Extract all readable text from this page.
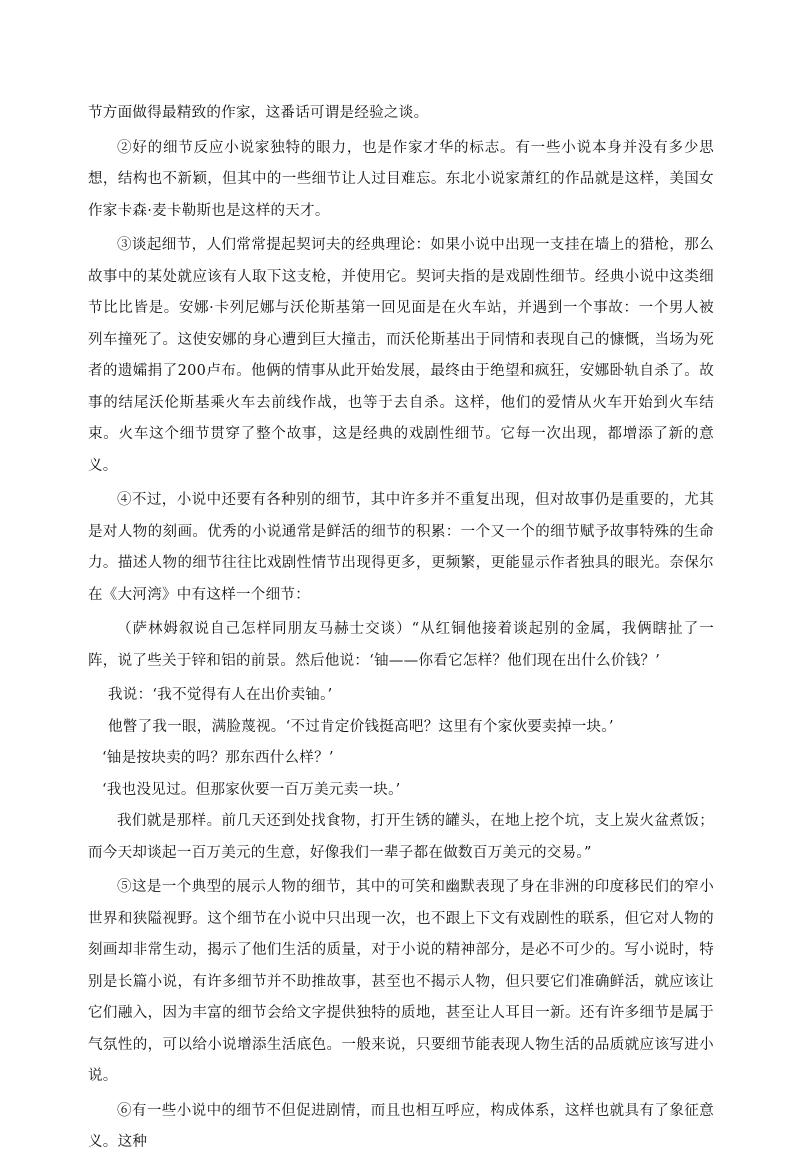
节方面做得最精致的作家，这番话可谓是经验之谈。

②好的细节反应小说家独特的眼力，也是作家才华的标志。有一些小说本身并没有多少思想，结构也不新颖，但其中的一些细节让人过目难忘。东北小说家萧红的作品就是这样，美国女作家卡森·麦卡勒斯也是这样的天才。

③谈起细节，人们常常提起契诃夫的经典理论：如果小说中出现一支挂在墙上的猎枪，那么故事中的某处就应该有人取下这支枪，并使用它。契诃夫指的是戏剧性细节。经典小说中这类细节比比皆是。安娜·卡列尼娜与沃伦斯基第一回见面是在火车站，并遇到一个事故：一个男人被列车撞死了。这使安娜的身心遭到巨大撞击，而沃伦斯基出于同情和表现自己的慷慨，当场为死者的遗孀捐了200卢布。他俩的情事从此开始发展，最终由于绝望和疯狂，安娜卧轨自杀了。故事的结尾沃伦斯基乘火车去前线作战，也等于去自杀。这样，他们的爱情从火车开始到火车结束。火车这个细节贯穿了整个故事，这是经典的戏剧性细节。它每一次出现，都增添了新的意义。

④不过，小说中还要有各种别的细节，其中许多并不重复出现，但对故事仍是重要的，尤其是对人物的刻画。优秀的小说通常是鲜活的细节的积累：一个又一个的细节赋予故事特殊的生命力。描述人物的细节往往比戏剧性情节出现得更多，更频繁，更能显示作者独具的眼光。奈保尔在《大河湾》中有这样一个细节：

（萨林姆叙说自己怎样同朋友马赫士交谈）“从红铜他接着谈起别的金属，我俩瞎扯了一阵，说了些关于锌和铝的前景。然后他说：‘铀——你看它怎样？他们现在出什么价钱？’

我说：‘我不觉得有人在出价卖铀。’

他瞥了我一眼，满脸蔑视。‘不过肯定价钱挺高吧？这里有个家伙要卖掉一块。’

‘铀是按块卖的吗？那东西什么样？’

‘我也没见过。但那家伙要一百万美元卖一块。’

我们就是那样。前几天还到处找食物，打开生锈的罐头，在地上挖个坑，支上炭火盆煮饭；而今天却谈起一百万美元的生意，好像我们一辈子都在做数百万美元的交易。”

⑤这是一个典型的展示人物的细节，其中的可笑和幽默表现了身在非洲的印度移民们的窄小世界和狭隘视野。这个细节在小说中只出现一次，也不跟上下文有戏剧性的联系，但它对人物的刻画却非常生动，揭示了他们生活的质量，对于小说的精神部分，是必不可少的。写小说时，特别是长篇小说，有许多细节并不助推故事，甚至也不揭示人物，但只要它们准确鲜活，就应该让它们融入，因为丰富的细节会给文字提供独特的质地，甚至让人耳目一新。还有许多细节是属于气氛性的，可以给小说增添生活底色。一般来说，只要细节能表现人物生活的品质就应该写进小说。

⑥有一些小说中的细节不但促进剧情，而且也相互呼应，构成体系，这样也就具有了象征意义。这种
